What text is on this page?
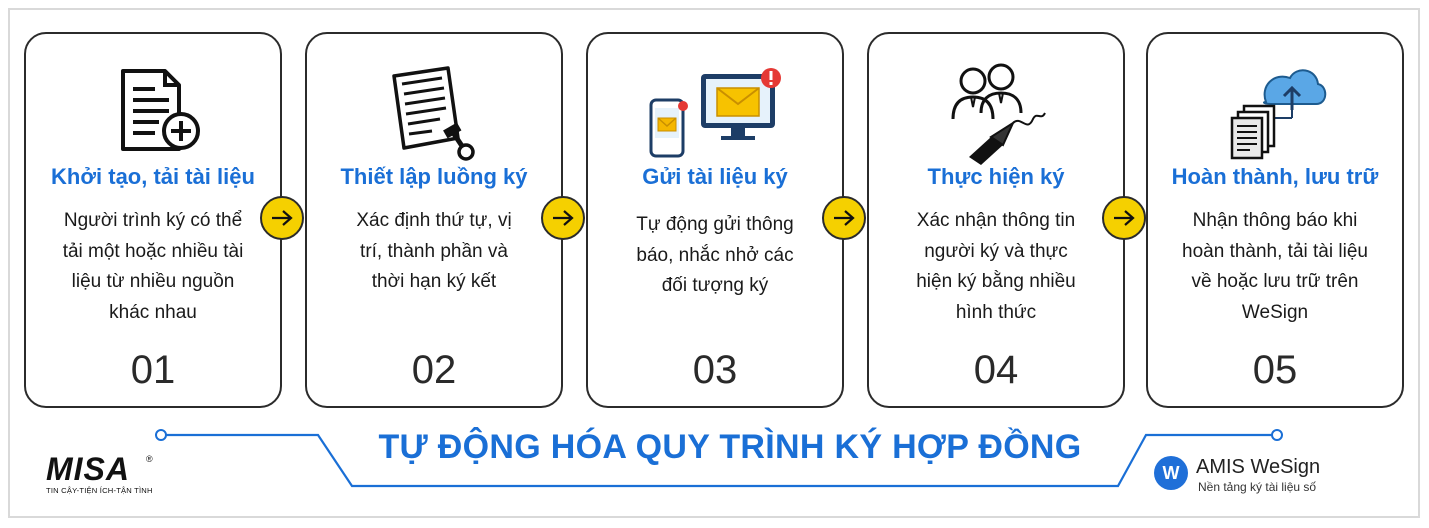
Khởi tạo, tải tài liệu
Người trình ký có thể
tải một hoặc nhiều tài
liệu từ nhiều nguồn
khác nhau
01
Thiết lập luồng ký
Xác định thứ tự, vị
trí, thành phần và
thời hạn ký kết
02
Gửi tài liệu ký
Tự động gửi thông
báo, nhắc nhở các
đối tượng ký
03
Thực hiện ký
Xác nhận thông tin
người ký và thực
hiện ký bằng nhiều
hình thức
04
Hoàn thành, lưu trữ
Nhận thông báo khi
hoàn thành, tải tài liệu
về hoặc lưu trữ trên
WeSign
05
TỰ ĐỘNG HÓA QUY TRÌNH KÝ HỢP ĐỒNG
MISA ®
TIN CẬY-TIỆN ÍCH-TẬN TÌNH
W AMIS WeSign
Nền tảng ký tài liệu số
